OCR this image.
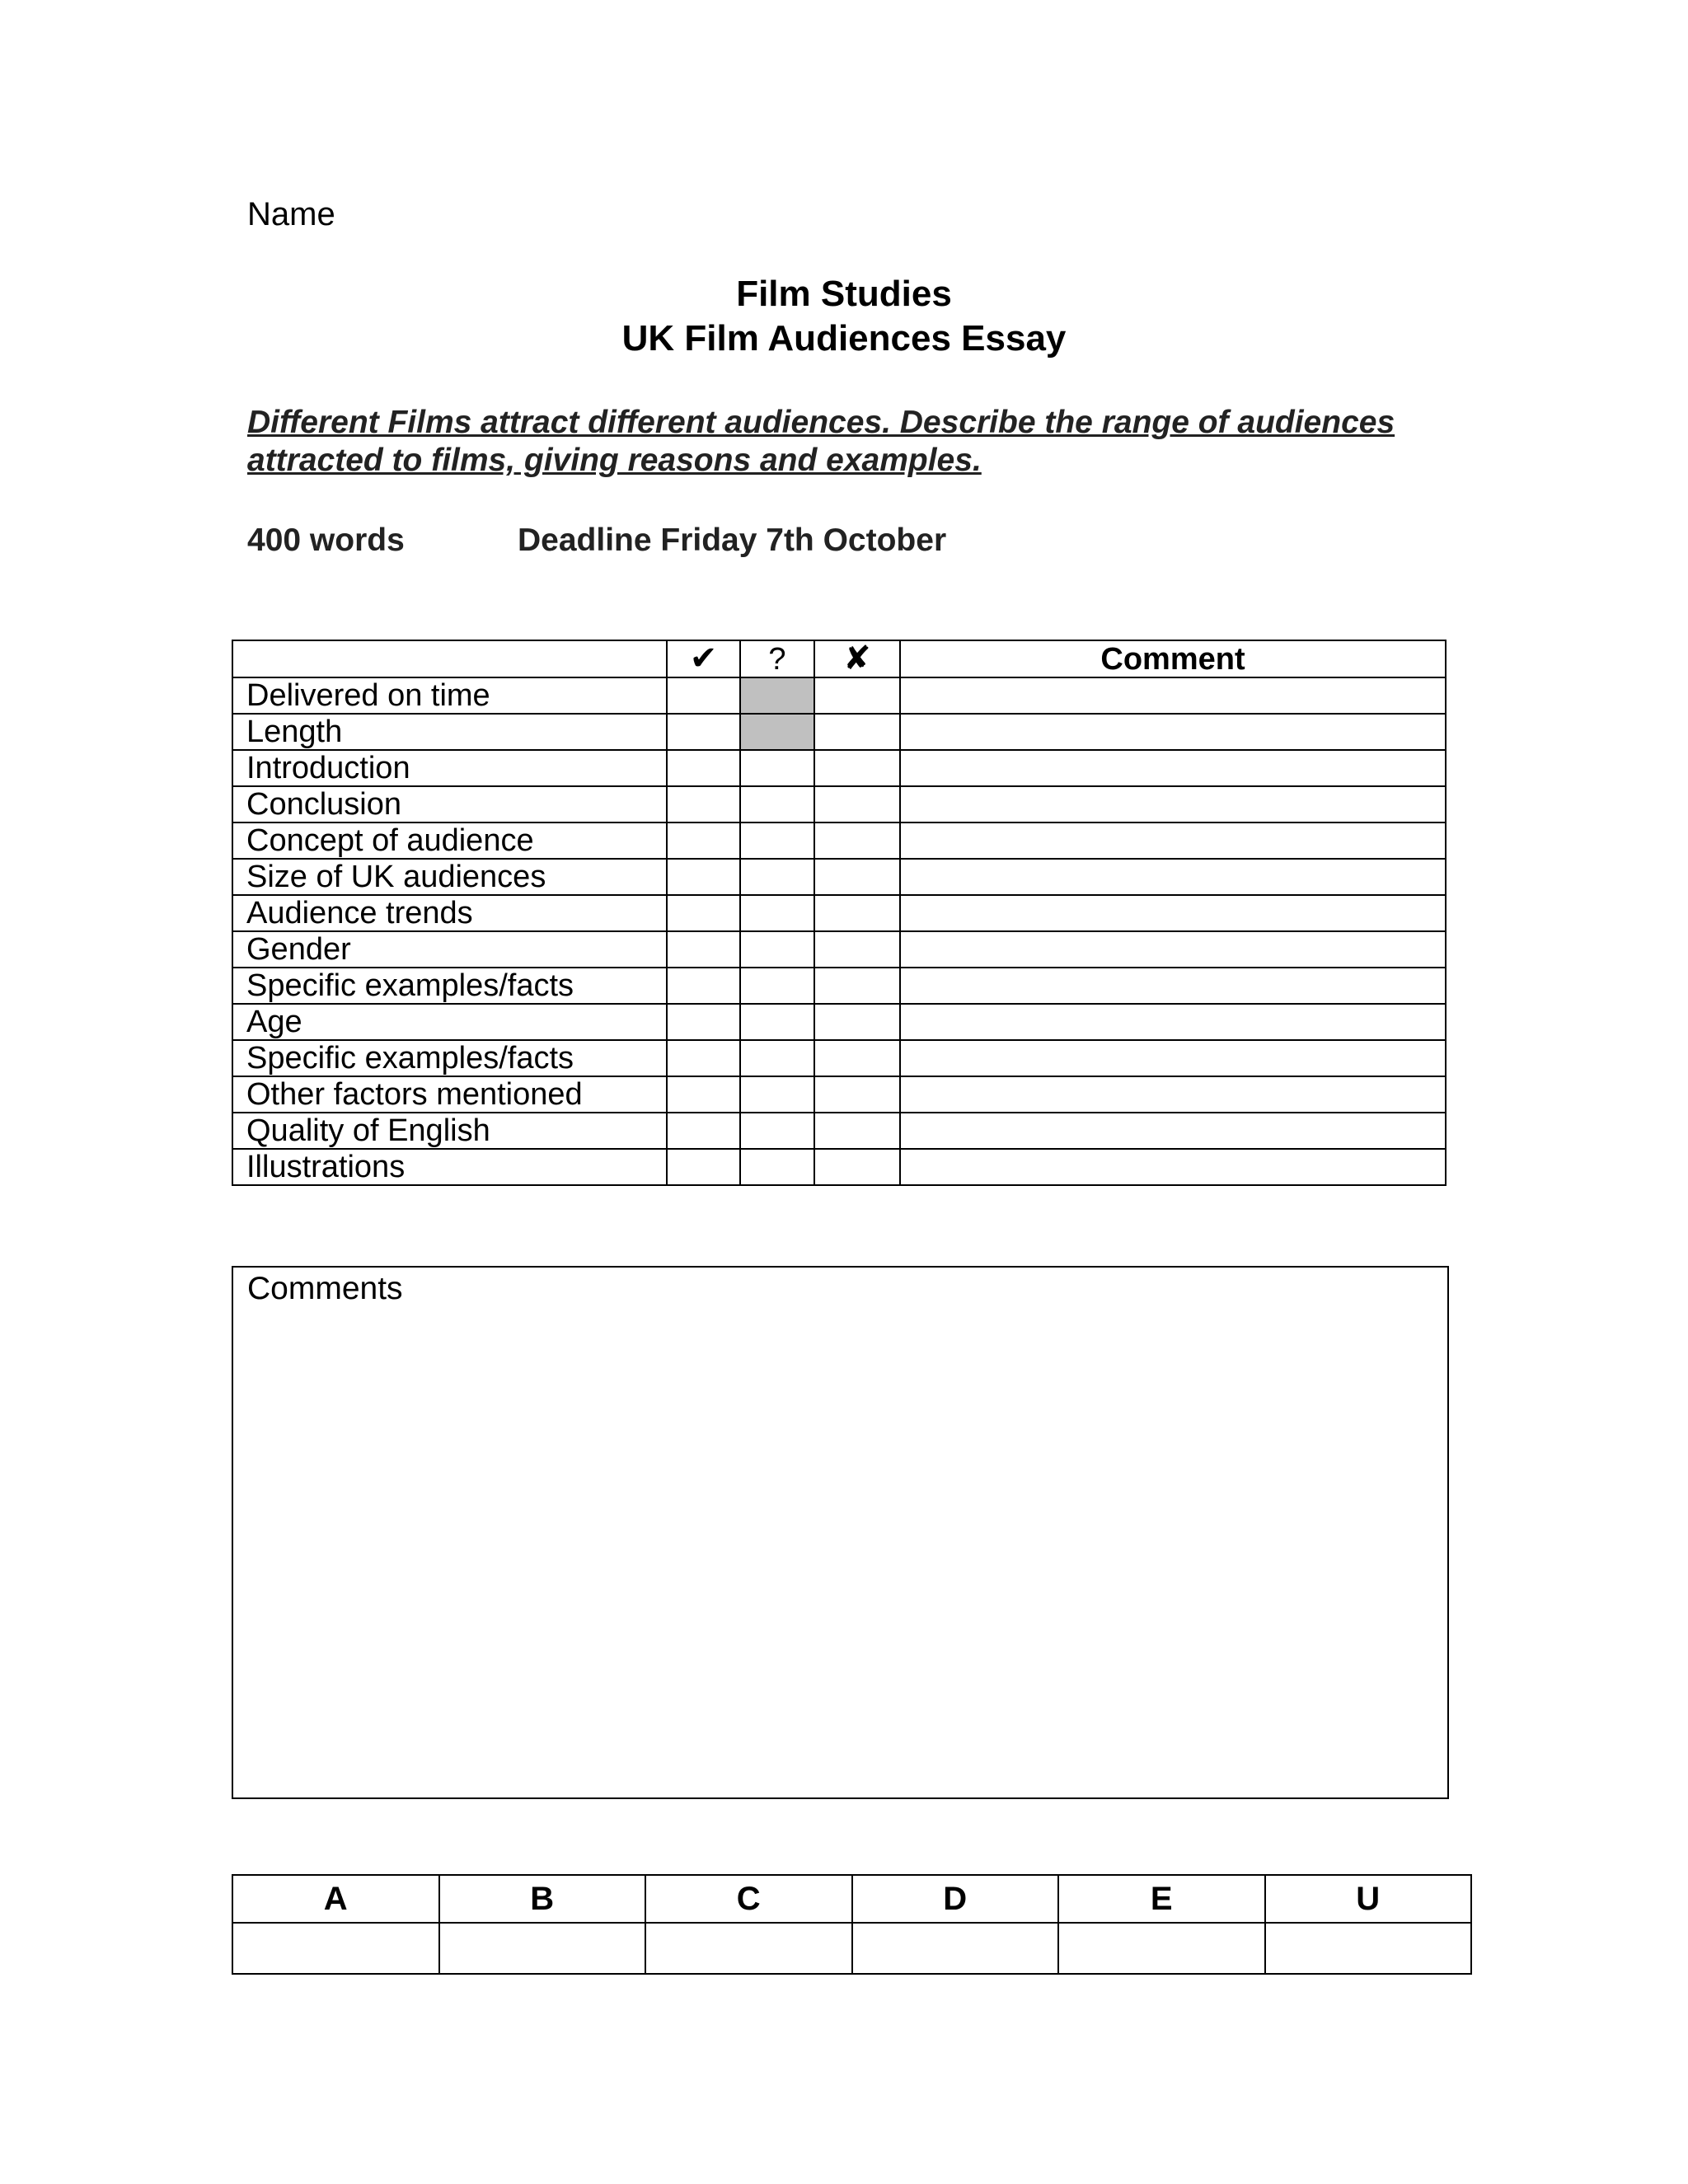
Name
Film Studies
UK Film Audiences Essay
Different Films attract different audiences. Describe the range of audiences attracted to films, giving reasons and examples.
400 words	Deadline Friday 7th October
	✔	?	✘	Comment
Delivered on time				
Length				
Introduction				
Conclusion				
Concept of audience				
Size of UK audiences				
Audience trends				
Gender				
Specific examples/facts				
Age				
Specific examples/facts				
Other factors mentioned				
Quality of English				
Illustrations				
Comments
A	B	C	D	E	U
